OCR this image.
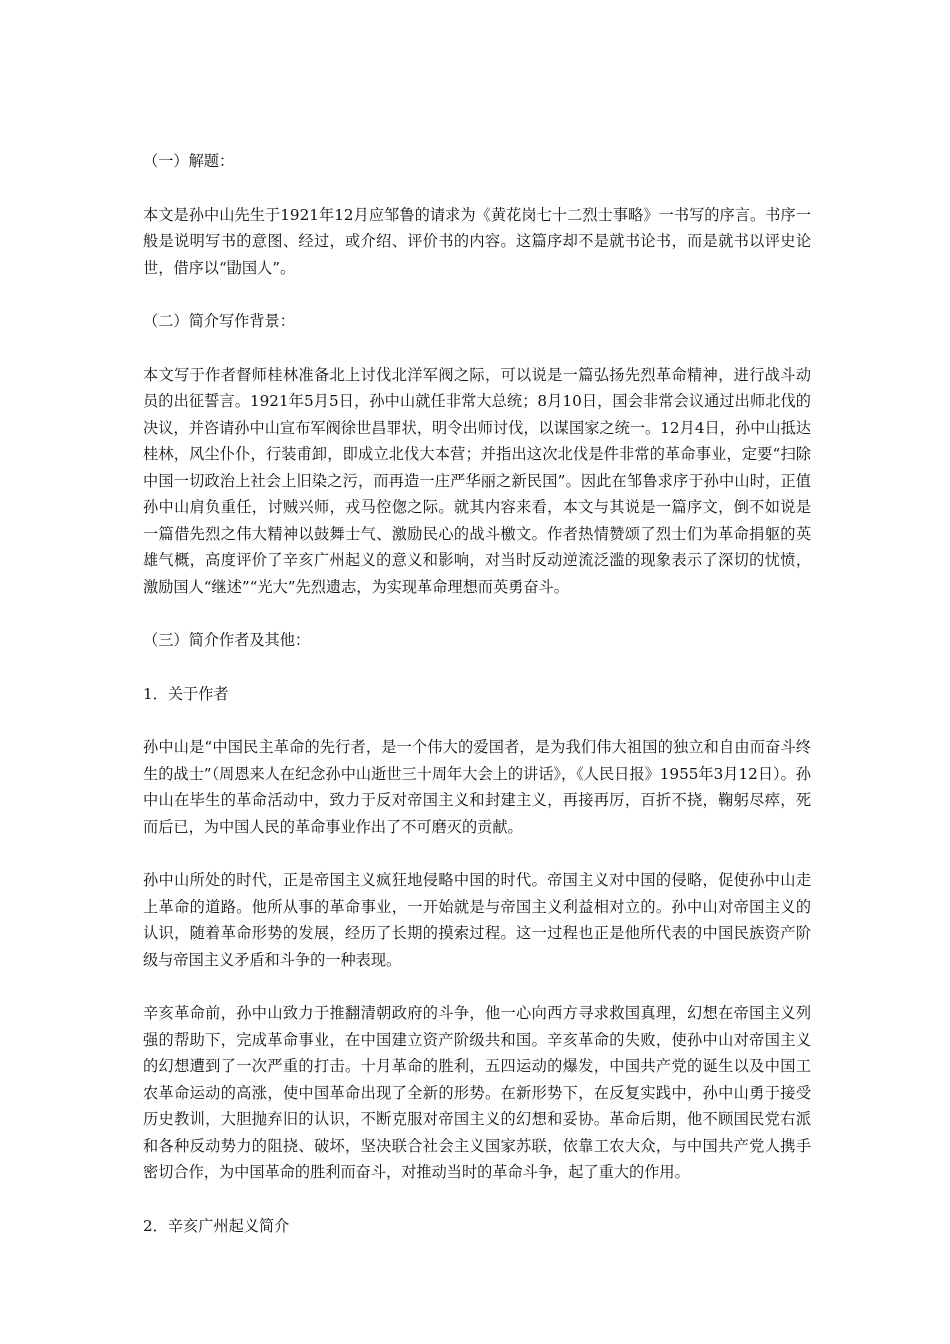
（一）解题：
本文是孙中山先生于1921年12月应邹鲁的请求为《黄花岗七十二烈士事略》一书写的序言。书序一般是说明写书的意图、经过，或介绍、评价书的内容。这篇序却不是就书论书，而是就书以评史论世，借序以“勖国人”。
（二）简介写作背景：
本文写于作者督师桂林准备北上讨伐北洋军阀之际，可以说是一篇弘扬先烈革命精神，进行战斗动员的出征誓言。1921年5月5日，孙中山就任非常大总统；8月10日，国会非常会议通过出师北伐的决议，并咨请孙中山宣布军阀徐世昌罪状，明令出师讨伐，以谋国家之统一。12月4日，孙中山抵达桂林，风尘仆仆，行装甫卸，即成立北伐大本营；并指出这次北伐是件非常的革命事业，定要“扫除中国一切政治上社会上旧染之污，而再造一庄严华丽之新民国”。因此在邹鲁求序于孙中山时，正值孙中山肩负重任，讨贼兴师，戎马倥偬之际。就其内容来看，本文与其说是一篇序文，倒不如说是一篇借先烈之伟大精神以鼓舞士气、激励民心的战斗檄文。作者热情赞颂了烈士们为革命捐躯的英雄气概，高度评价了辛亥广州起义的意义和影响，对当时反动逆流泛滥的现象表示了深切的忧愤，激励国人“继述”“光大”先烈遗志，为实现革命理想而英勇奋斗。
（三）简介作者及其他：
1．关于作者
孙中山是“中国民主革命的先行者，是一个伟大的爱国者，是为我们伟大祖国的独立和自由而奋斗终生的战士”（周恩来人在纪念孙中山逝世三十周年大会上的讲话》，《人民日报》1955年3月12日）。孙中山在毕生的革命活动中，致力于反对帝国主义和封建主义，再接再厉，百折不挠，鞠躬尽瘁，死而后已，为中国人民的革命事业作出了不可磨灭的贡献。
孙中山所处的时代，正是帝国主义疯狂地侵略中国的时代。帝国主义对中国的侵略，促使孙中山走上革命的道路。他所从事的革命事业，一开始就是与帝国主义利益相对立的。孙中山对帝国主义的认识，随着革命形势的发展，经历了长期的摸索过程。这一过程也正是他所代表的中国民族资产阶级与帝国主义矛盾和斗争的一种表现。
辛亥革命前，孙中山致力于推翻清朝政府的斗争，他一心向西方寻求救国真理，幻想在帝国主义列强的帮助下，完成革命事业，在中国建立资产阶级共和国。辛亥革命的失败，使孙中山对帝国主义的幻想遭到了一次严重的打击。十月革命的胜利，五四运动的爆发，中国共产党的诞生以及中国工农革命运动的高涨，使中国革命出现了全新的形势。在新形势下，在反复实践中，孙中山勇于接受历史教训，大胆抛弃旧的认识，不断克服对帝国主义的幻想和妥协。革命后期，他不顾国民党右派和各种反动势力的阻挠、破坏，坚决联合社会主义国家苏联，依靠工农大众，与中国共产党人携手密切合作，为中国革命的胜利而奋斗，对推动当时的革命斗争，起了重大的作用。
2．辛亥广州起义简介
